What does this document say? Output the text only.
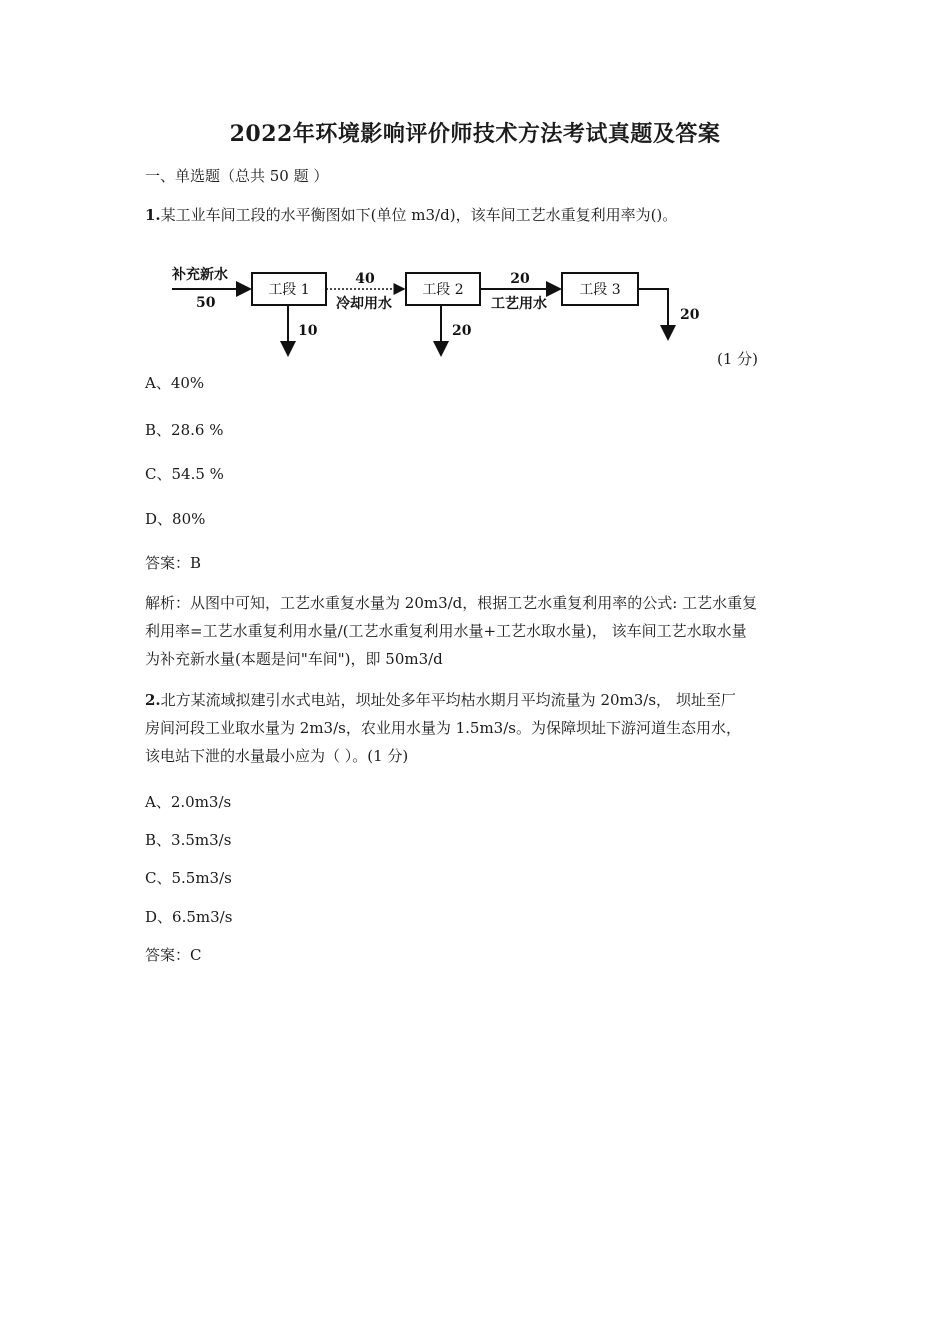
2022年环境影响评价师技术方法考试真题及答案
一、单选题（总共 50 题 ）
1.某工业车间工段的水平衡图如下(单位 m3/d)，该车间工艺水重复利用率为()。
补充新水
50
工段 1
10
40
冷却用水
工段 2
20
20
工艺用水
工段 3
20
(1 分)
A、40%
B、28.6 %
C、54.5 %
D、80%
答案：B
解析：从图中可知，工艺水重复水量为 20m3/d，根据工艺水重复利用率的公式: 工艺水重复
利用率=工艺水重复利用水量/(工艺水重复利用水量+工艺水取水量)， 该车间工艺水取水量
为补充新水量(本题是问"车间")，即 50m3/d
2.北方某流域拟建引水式电站，坝址处多年平均枯水期月平均流量为 20m3/s， 坝址至厂
房间河段工业取水量为 2m3/s，农业用水量为 1.5m3/s。为保障坝址下游河道生态用水，
该电站下泄的水量最小应为（ ）。(1 分)
A、2.0m3/s
B、3.5m3/s
C、5.5m3/s
D、6.5m3/s
答案：C
